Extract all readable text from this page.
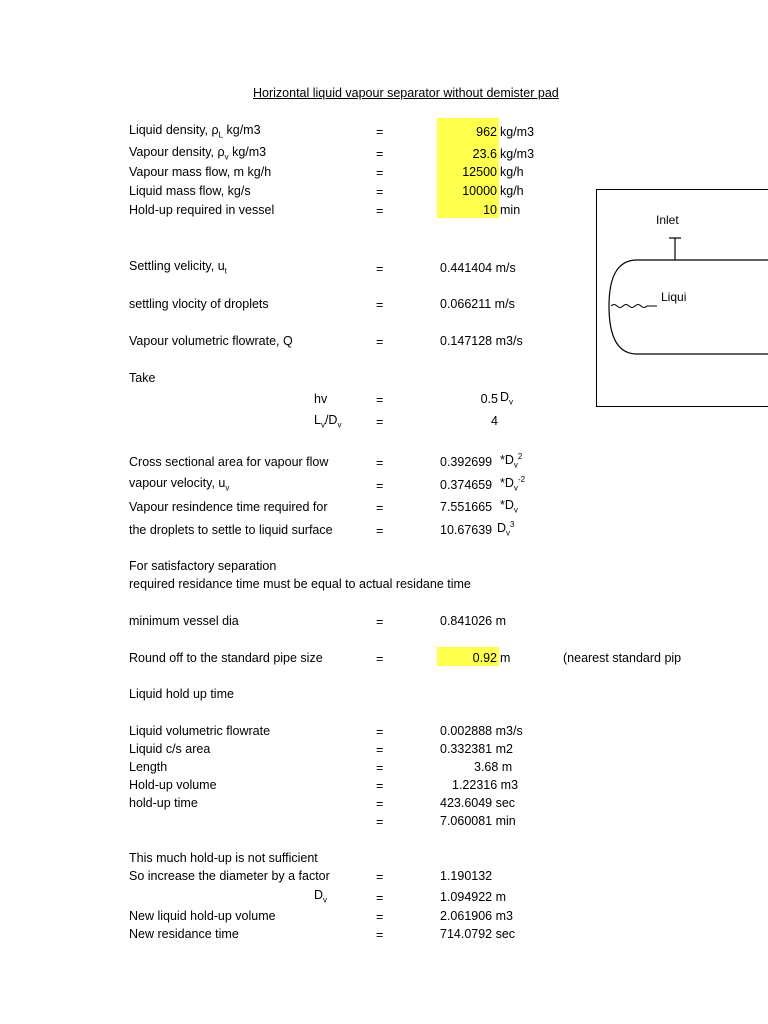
Horizontal liquid vapour separator without demister pad
Liquid density, $\rho_L$ kg/m3	=	962 kg/m3
Vapour density, $\rho_v$ kg/m3	=	23.6 kg/m3
Vapour mass flow, m kg/h	=	12500 kg/h
Liquid mass flow, kg/s	=	10000 kg/h
Hold-up required in vessel	=	10 min
Settling velicity, $u_t$	=	0.441404 m/s
settling vlocity of droplets	=	0.066211 m/s
Vapour volumetric flowrate, Q	=	0.147128 m3/s
Take
hv	=	0.5 $D_v$
$L_v/D_v$	=	4
Cross sectional area for vapour flow	=	0.392699 $*D_v^2$
vapour velocity, $u_v$	=	0.374659 $*D_v^{-2}$
Vapour resindence time required for	=	7.551665 $*D_v$
the droplets to settle to liquid surface	=	10.67639 $D_v^3$
For satisfactory separation
required residance time must be equal to actual residane time
minimum vessel dia	=	0.841026 m
Round off to the standard pipe size	=	0.92 m	(nearest standard pip
Liquid hold up time
Liquid volumetric flowrate	=	0.002888 m3/s
Liquid c/s area	=	0.332381 m2
Length	=	3.68 m
Hold-up volume	=	1.22316 m3
hold-up time	=	423.6049 sec
=	7.060081 min
This much hold-up is not sufficient
So increase the diameter by a factor	=	1.190132
$D_v$	=	1.094922 m
New liquid hold-up volume	=	2.061906 m3
New residance time	=	714.0792 sec
Inlet
Liqui
